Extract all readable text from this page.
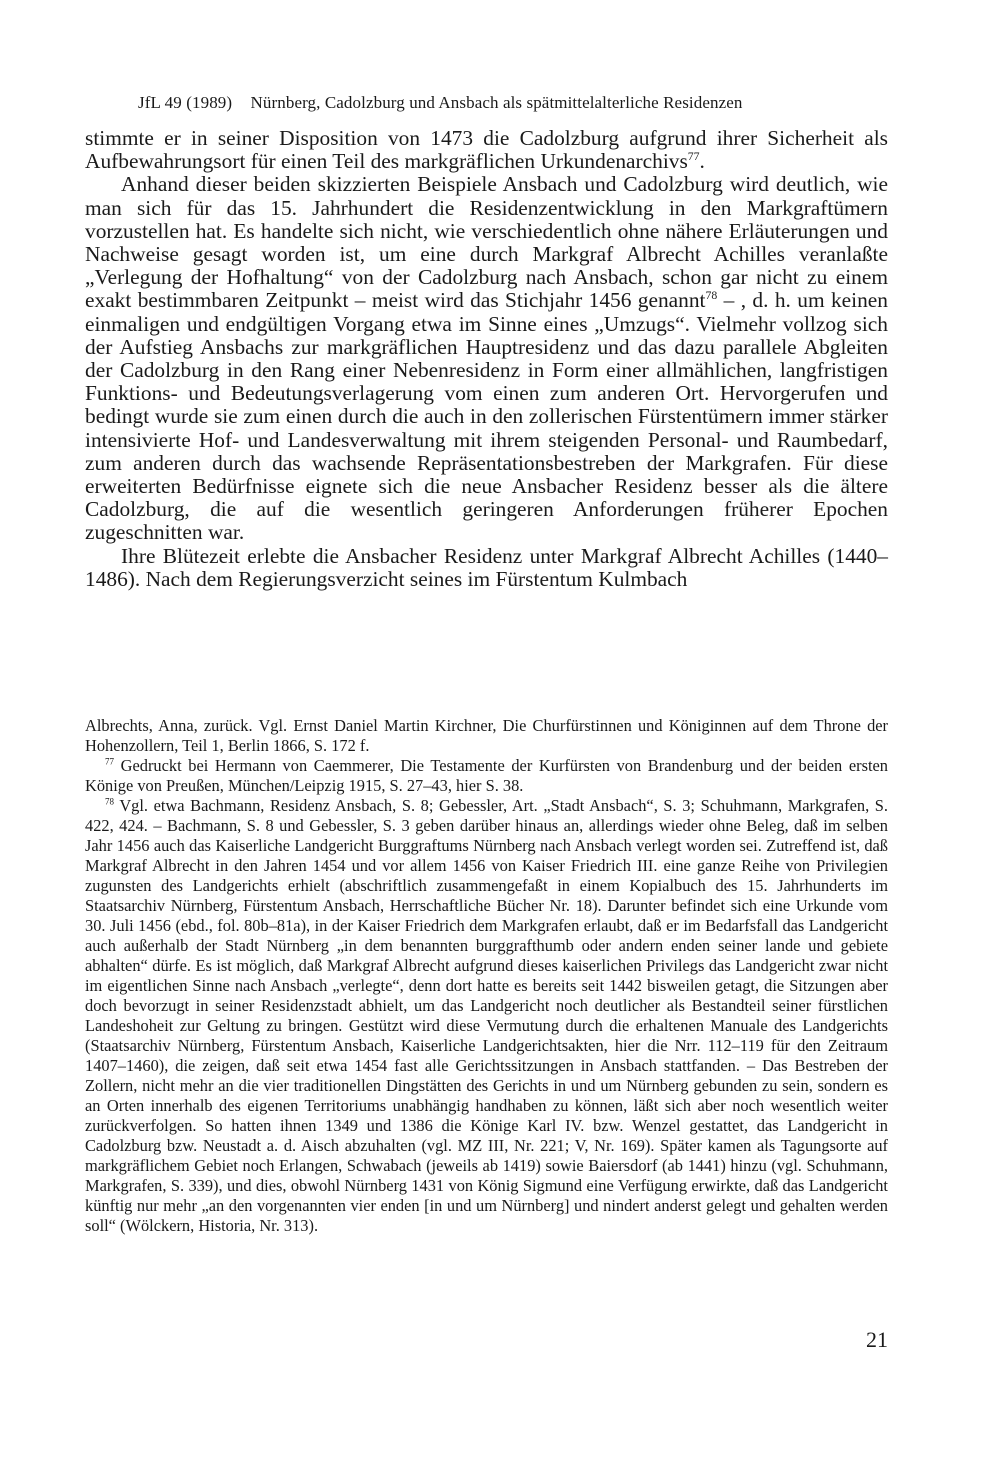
JfL 49 (1989) Nürnberg, Cadolzburg und Ansbach als spätmittelalterliche Residenzen

stimmte er in seiner Disposition von 1473 die Cadolzburg aufgrund ihrer Sicherheit als Aufbewahrungsort für einen Teil des markgräflichen Urkundenarchivs$^{77}$.

Anhand dieser beiden skizzierten Beispiele Ansbach und Cadolzburg wird deutlich, wie man sich für das 15. Jahrhundert die Residenzentwicklung in den Markgraftümern vorzustellen hat. Es handelte sich nicht, wie verschiedentlich ohne nähere Erläuterungen und Nachweise gesagt worden ist, um eine durch Markgraf Albrecht Achilles veranlaßte „Verlegung der Hofhaltung“ von der Cadolzburg nach Ansbach, schon gar nicht zu einem exakt bestimmbaren Zeitpunkt – meist wird das Stichjahr 1456 genannt$^{78}$ – , d. h. um keinen einmaligen und endgültigen Vorgang etwa im Sinne eines „Umzugs“. Vielmehr vollzog sich der Aufstieg Ansbachs zur markgräflichen Hauptresidenz und das dazu parallele Abgleiten der Cadolzburg in den Rang einer Nebenresidenz in Form einer allmählichen, langfristigen Funktions- und Bedeutungsverlagerung vom einen zum anderen Ort. Hervorgerufen und bedingt wurde sie zum einen durch die auch in den zollerischen Fürstentümern immer stärker intensivierte Hof- und Landesverwaltung mit ihrem steigenden Personal- und Raumbedarf, zum anderen durch das wachsende Repräsentationsbestreben der Markgrafen. Für diese erweiterten Bedürfnisse eignete sich die neue Ansbacher Residenz besser als die ältere Cadolzburg, die auf die wesentlich geringeren Anforderungen früherer Epochen zugeschnitten war.

Ihre Blütezeit erlebte die Ansbacher Residenz unter Markgraf Albrecht Achilles (1440–1486). Nach dem Regierungsverzicht seines im Fürstentum Kulmbach

Albrechts, Anna, zurück. Vgl. Ernst Daniel Martin Kirchner, Die Churfürstinnen und Königinnen auf dem Throne der Hohenzollern, Teil 1, Berlin 1866, S. 172 f.

$^{77}$ Gedruckt bei Hermann von Caemmerer, Die Testamente der Kurfürsten von Brandenburg und der beiden ersten Könige von Preußen, München/Leipzig 1915, S. 27–43, hier S. 38.

$^{78}$ Vgl. etwa Bachmann, Residenz Ansbach, S. 8; Gebessler, Art. „Stadt Ansbach“, S. 3; Schuhmann, Markgrafen, S. 422, 424. – Bachmann, S. 8 und Gebessler, S. 3 geben darüber hinaus an, allerdings wieder ohne Beleg, daß im selben Jahr 1456 auch das Kaiserliche Landgericht Burggraftums Nürnberg nach Ansbach verlegt worden sei. Zutreffend ist, daß Markgraf Albrecht in den Jahren 1454 und vor allem 1456 von Kaiser Friedrich III. eine ganze Reihe von Privilegien zugunsten des Landgerichts erhielt (abschriftlich zusammengefaßt in einem Kopialbuch des 15. Jahrhunderts im Staatsarchiv Nürnberg, Fürstentum Ansbach, Herrschaftliche Bücher Nr. 18). Darunter befindet sich eine Urkunde vom 30. Juli 1456 (ebd., fol. 80b–81a), in der Kaiser Friedrich dem Markgrafen erlaubt, daß er im Bedarfsfall das Landgericht auch außerhalb der Stadt Nürnberg „in dem benannten burggrafthumb oder andern enden seiner lande und gebiete abhalten“ dürfe. Es ist möglich, daß Markgraf Albrecht aufgrund dieses kaiserlichen Privilegs das Landgericht zwar nicht im eigentlichen Sinne nach Ansbach „verlegte“, denn dort hatte es bereits seit 1442 bisweilen getagt, die Sitzungen aber doch bevorzugt in seiner Residenzstadt abhielt, um das Landgericht noch deutlicher als Bestandteil seiner fürstlichen Landeshoheit zur Geltung zu bringen. Gestützt wird diese Vermutung durch die erhaltenen Manuale des Landgerichts (Staatsarchiv Nürnberg, Fürstentum Ansbach, Kaiserliche Landgerichtsakten, hier die Nrr. 112–119 für den Zeitraum 1407–1460), die zeigen, daß seit etwa 1454 fast alle Gerichtssitzungen in Ansbach stattfanden. – Das Bestreben der Zollern, nicht mehr an die vier traditionellen Dingstätten des Gerichts in und um Nürnberg gebunden zu sein, sondern es an Orten innerhalb des eigenen Territoriums unabhängig handhaben zu können, läßt sich aber noch wesentlich weiter zurückverfolgen. So hatten ihnen 1349 und 1386 die Könige Karl IV. bzw. Wenzel gestattet, das Landgericht in Cadolzburg bzw. Neustadt a. d. Aisch abzuhalten (vgl. MZ III, Nr. 221; V, Nr. 169). Später kamen als Tagungsorte auf markgräflichem Gebiet noch Erlangen, Schwabach (jeweils ab 1419) sowie Baiersdorf (ab 1441) hinzu (vgl. Schuhmann, Markgrafen, S. 339), und dies, obwohl Nürnberg 1431 von König Sigmund eine Verfügung erwirkte, daß das Landgericht künftig nur mehr „an den vorgenannten vier enden [in und um Nürnberg] und nindert anderst gelegt und gehalten werden soll“ (Wölckern, Historia, Nr. 313).

21
